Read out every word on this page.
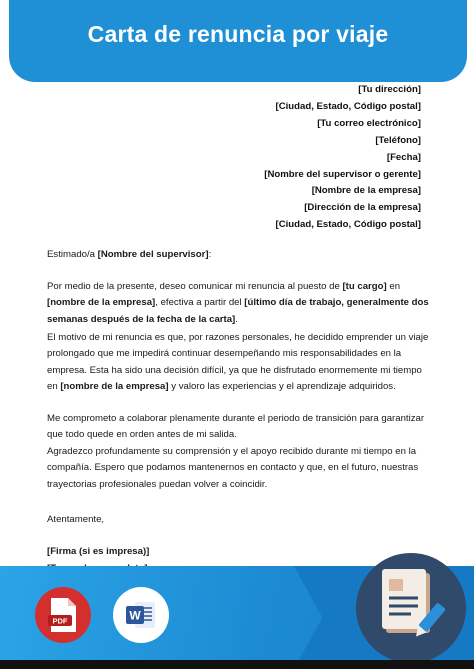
Carta de renuncia por viaje
[Tu dirección]
[Ciudad, Estado, Código postal]
[Tu correo electrónico]
[Teléfono]
[Fecha]
[Nombre del supervisor o gerente]
[Nombre de la empresa]
[Dirección de la empresa]
[Ciudad, Estado, Código postal]
Estimado/a [Nombre del supervisor]:
Por medio de la presente, deseo comunicar mi renuncia al puesto de [tu cargo] en [nombre de la empresa], efectiva a partir del [último día de trabajo, generalmente dos semanas después de la fecha de la carta].
El motivo de mi renuncia es que, por razones personales, he decidido emprender un viaje prolongado que me impedirá continuar desempeñando mis responsabilidades en la empresa. Esta ha sido una decisión difícil, ya que he disfrutado enormemente mi tiempo en [nombre de la empresa] y valoro las experiencias y el aprendizaje adquiridos.
Me comprometo a colaborar plenamente durante el periodo de transición para garantizar que todo quede en orden antes de mi salida.
Agradezco profundamente su comprensión y el apoyo recibido durante mi tiempo en la compañía. Espero que podamos mantenernos en contacto y que, en el futuro, nuestras trayectorias profesionales puedan volver a coincidir.
Atentamente,
[Firma (si es impresa)]
PDF	W
